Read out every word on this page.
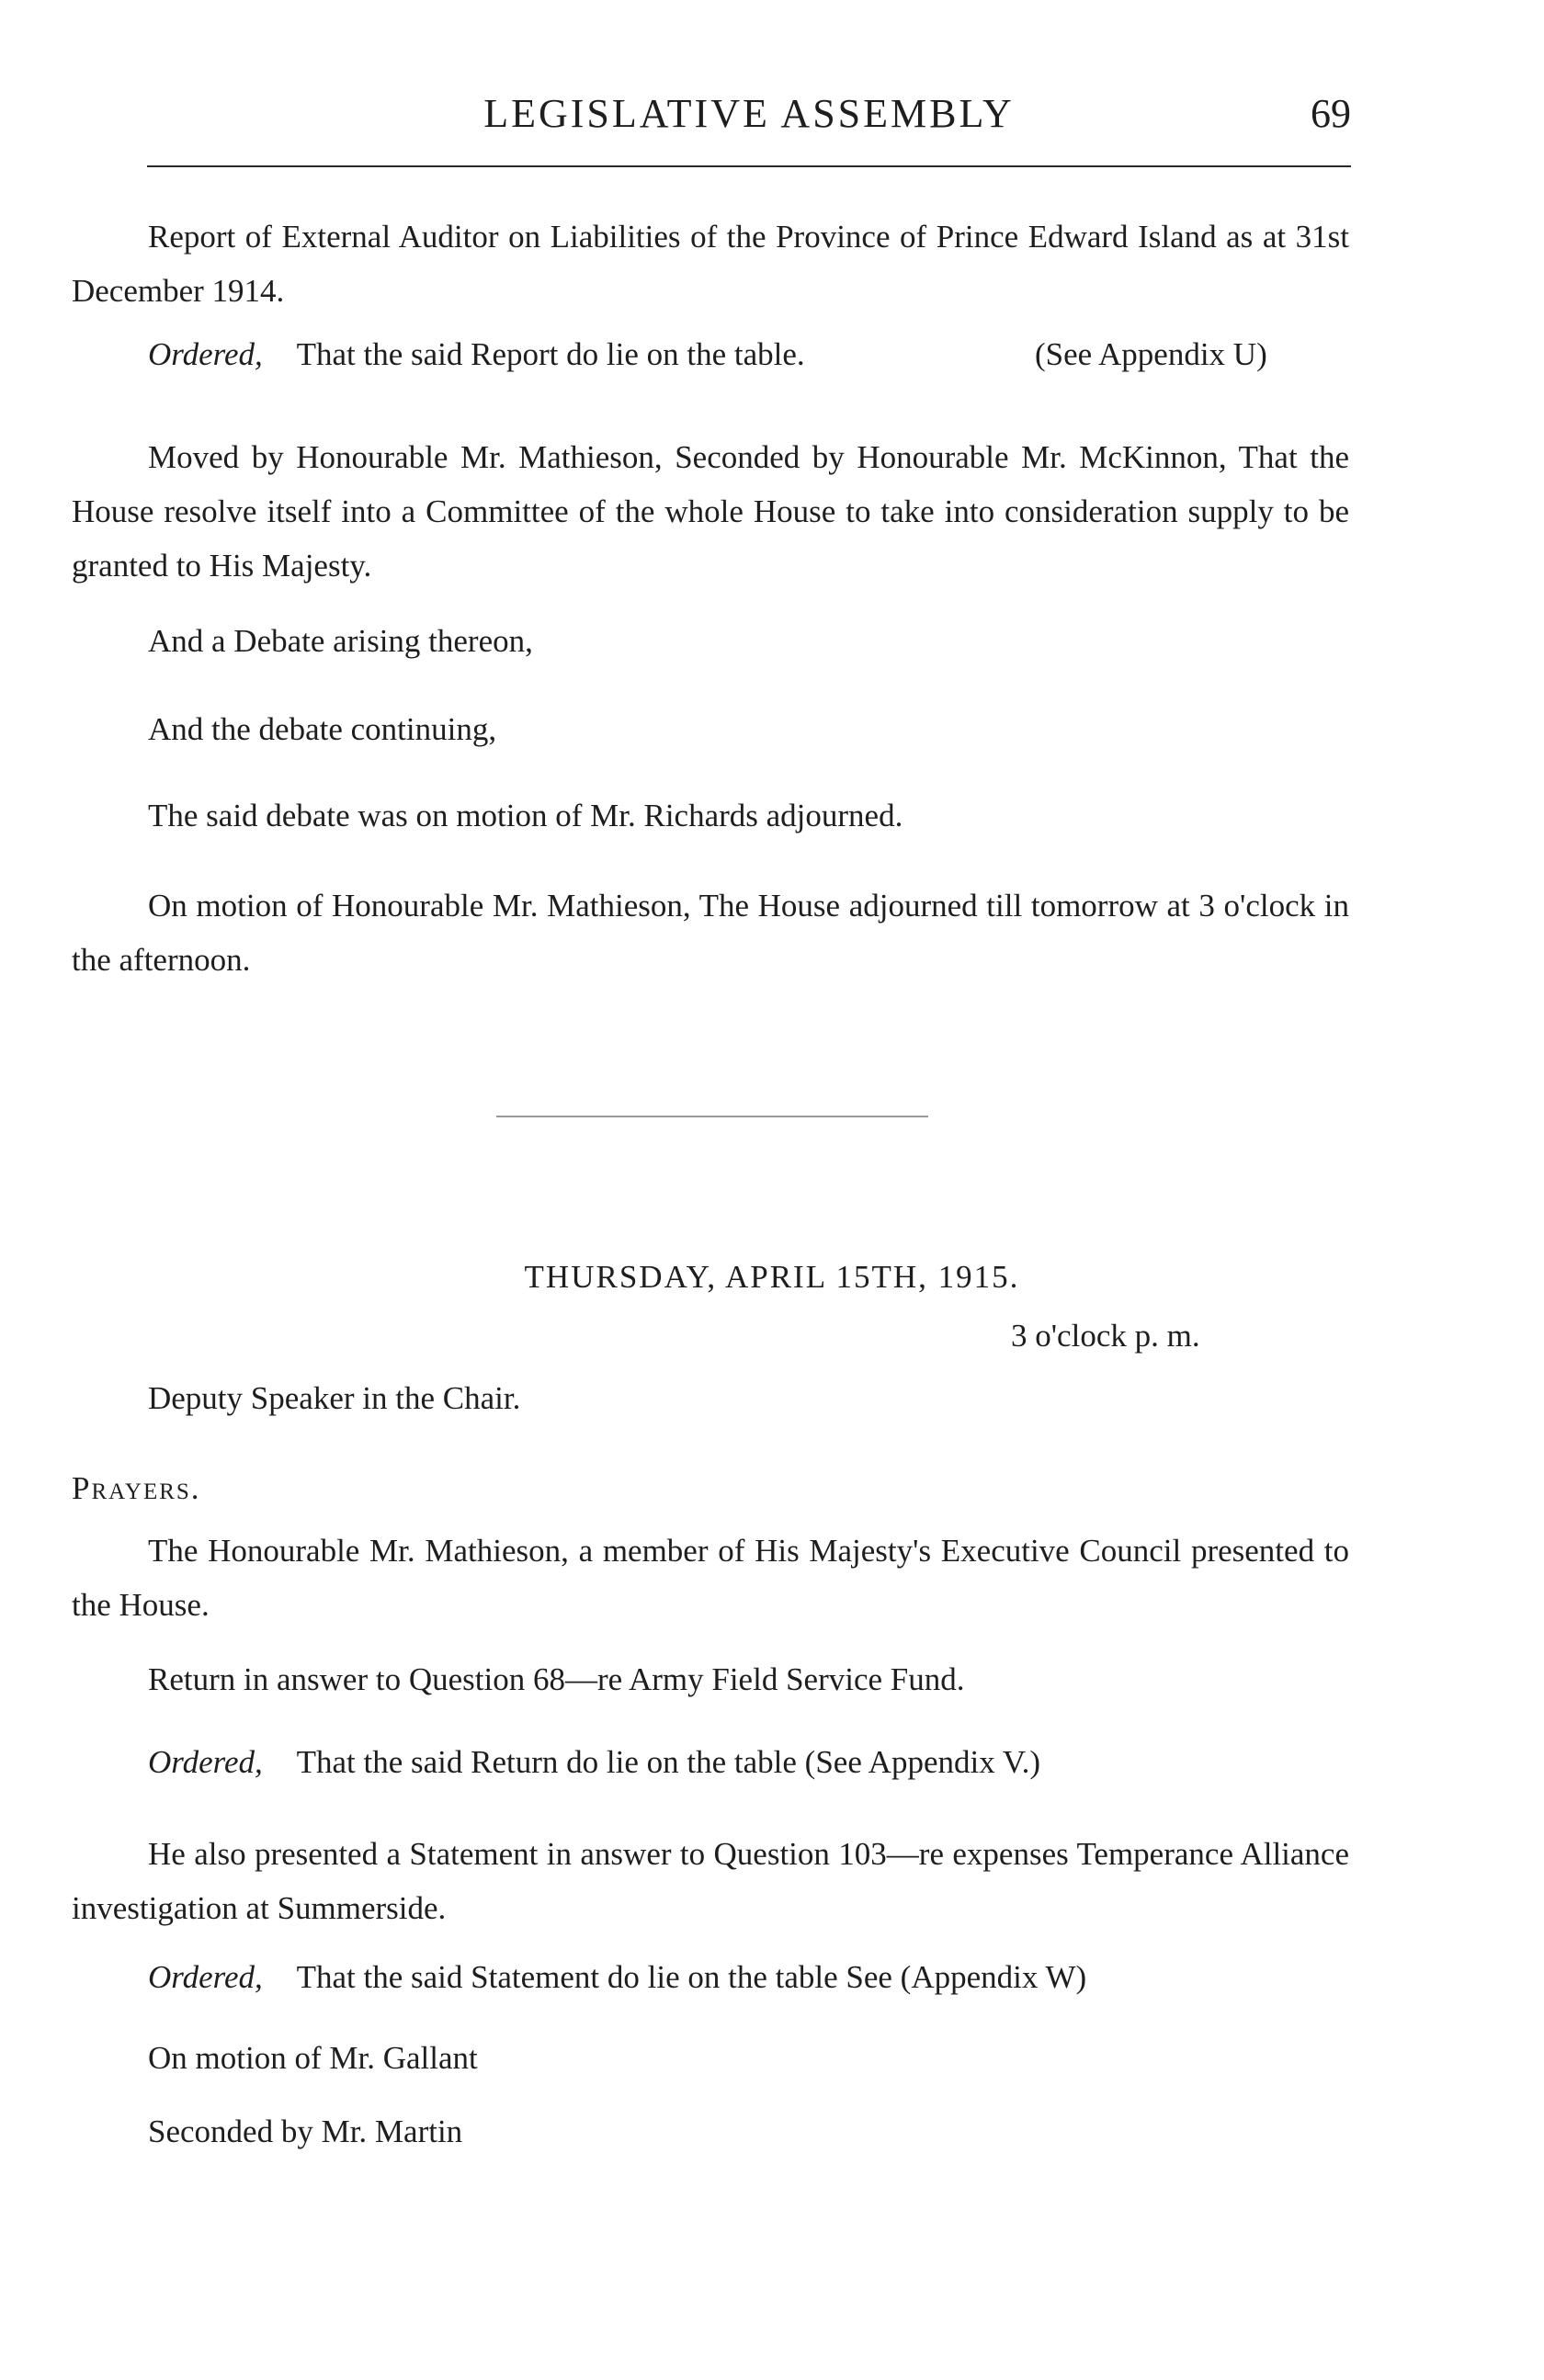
LEGISLATIVE ASSEMBLY	69
Report of External Auditor on Liabilities of the Province of Prince Edward Island as at 31st December 1914.
Ordered, That the said Report do lie on the table.	(See Appendix U)
Moved by Honourable Mr. Mathieson, Seconded by Honourable Mr. McKinnon, That the House resolve itself into a Committee of the whole House to take into consideration supply to be granted to His Majesty.
And a Debate arising thereon,
And the debate continuing,
The said debate was on motion of Mr. Richards adjourned.
On motion of Honourable Mr. Mathieson, The House adjourned till tomorrow at 3 o'clock in the afternoon.
THURSDAY, APRIL 15TH, 1915.
3 o'clock p. m.
Deputy Speaker in the Chair.
Prayers.
The Honourable Mr. Mathieson, a member of His Majesty's Executive Council presented to the House.
Return in answer to Question 68—re Army Field Service Fund.
Ordered, That the said Return do lie on the table (See Appendix V.)
He also presented a Statement in answer to Question 103—re expenses Temperance Alliance investigation at Summerside.
Ordered, That the said Statement do lie on the table See (Appendix W)
On motion of Mr. Gallant
Seconded by Mr. Martin
